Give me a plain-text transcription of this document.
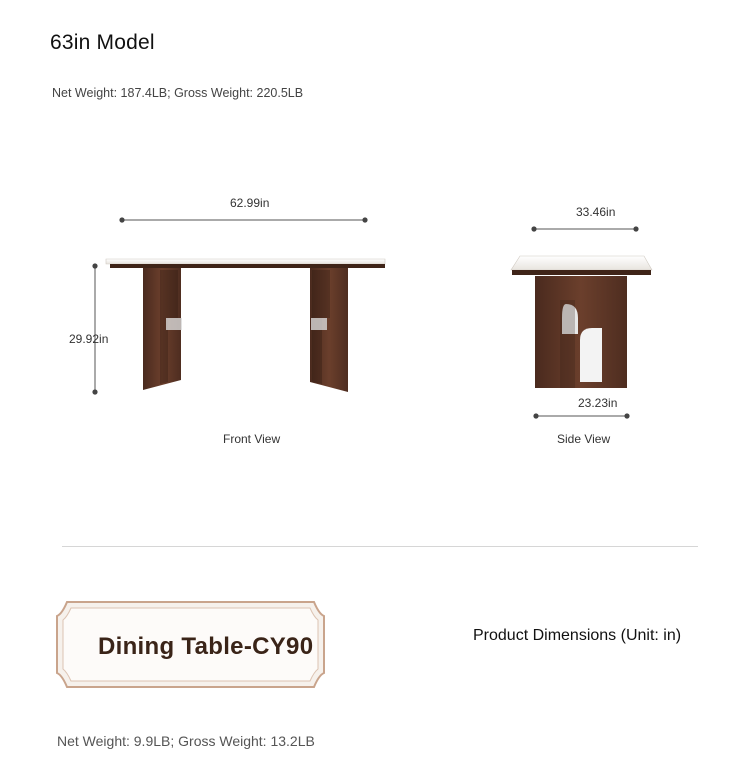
63in Model
Net Weight: 187.4LB; Gross Weight: 220.5LB
62.99in
29.92in
Front View
33.46in
23.23in
Side View
Dining Table-CY90	Product Dimensions (Unit: in)
Net Weight: 9.9LB; Gross Weight: 13.2LB
